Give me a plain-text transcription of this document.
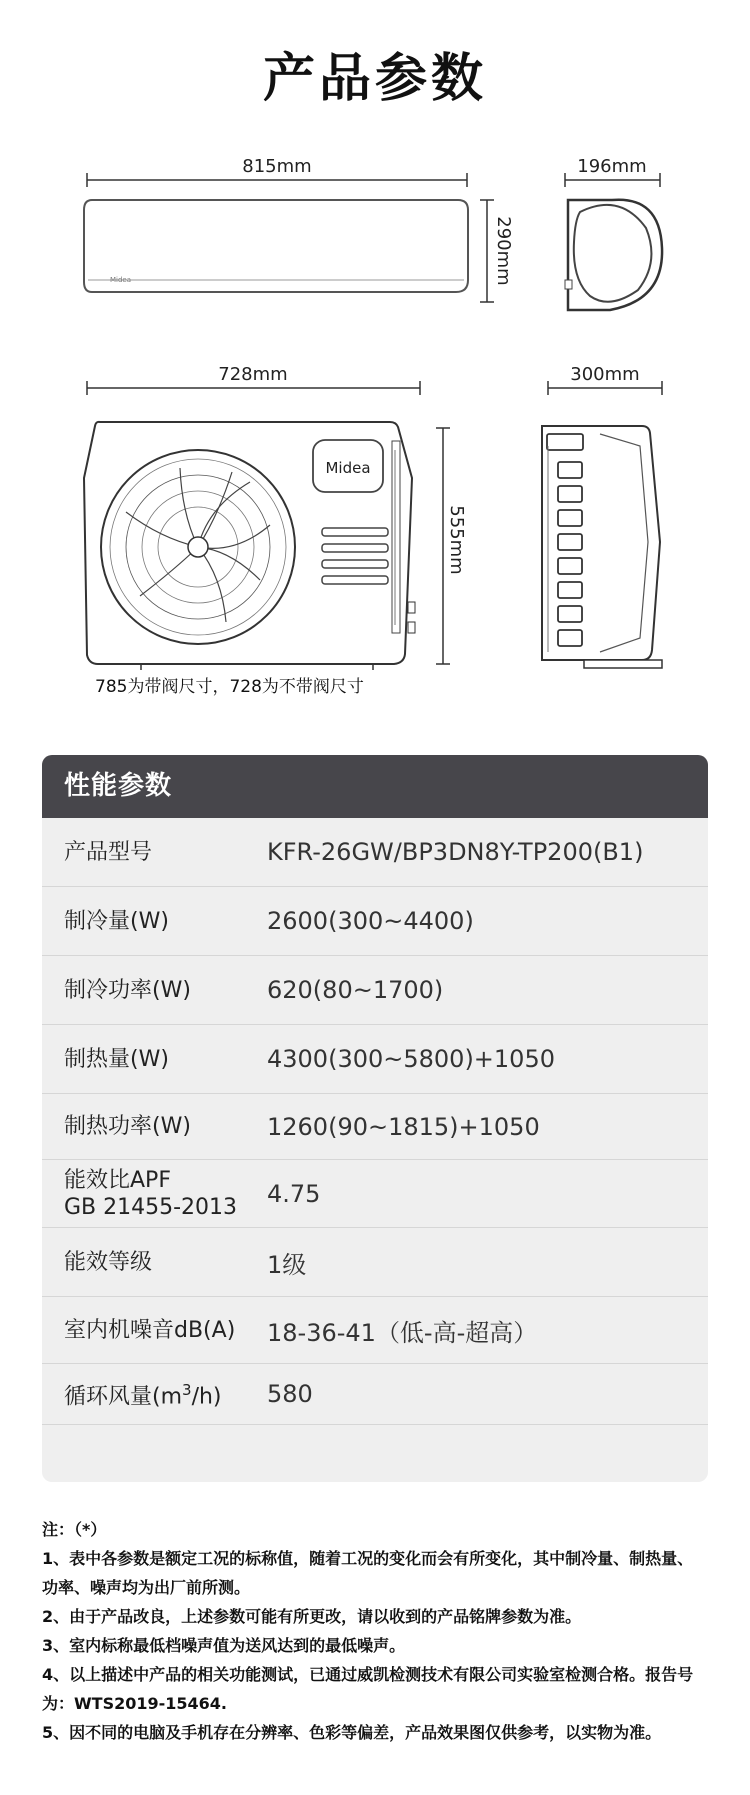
产品参数
815mm
Midea	290mm
196mm
728mm
Midea
555mm
300mm
785为带阀尺寸，728为不带阀尺寸
性能参数
产品型号	KFR-26GW/BP3DN8Y-TP200(B1)
制冷量(W)	2600(300~4400)
制冷功率(W)	620(80~1700)
制热量(W)	4300(300~5800)+1050
制热功率(W)	1260(90~1815)+1050
能效比APF
GB 21455-2013	4.75
能效等级	1级
室内机噪音dB(A)	18-36-41（低-高-超高）
循环风量$(m^3/h)$	580

注：（*）

1、表中各参数是额定工况的标称值，随着工况的变化而会有所变化，其中制冷量、制热量、功率、噪声均为出厂前所测。

2、由于产品改良，上述参数可能有所更改，请以收到的产品铭牌参数为准。

3、室内标称最低档噪声值为送风达到的最低噪声。

4、以上描述中产品的相关功能测试，已通过威凯检测技术有限公司实验室检测合格。报告号为：WTS2019-15464.

5、因不同的电脑及手机存在分辨率、色彩等偏差，产品效果图仅供参考，以实物为准。
